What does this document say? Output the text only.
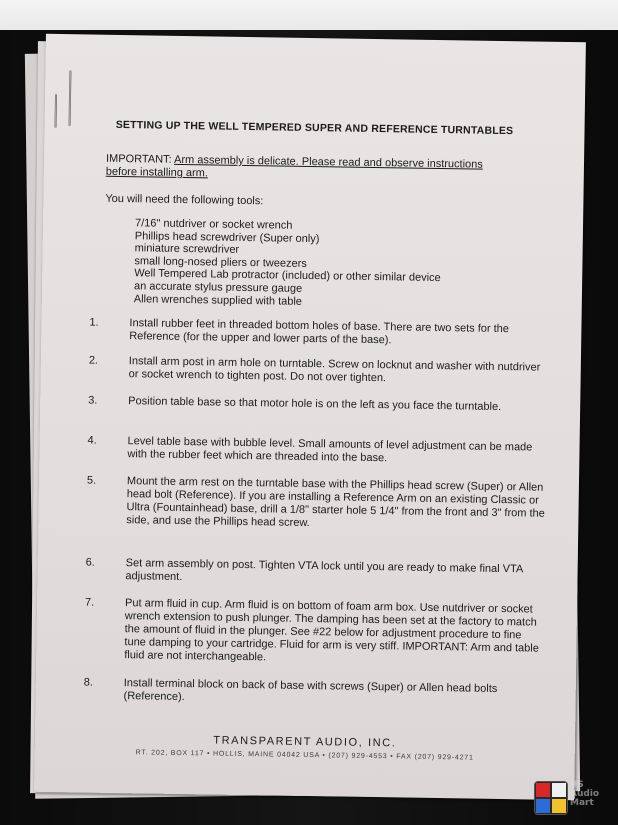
SETTING UP THE WELL TEMPERED SUPER AND REFERENCE TURNTABLES
IMPORTANT: Arm assembly is delicate. Please read and observe instructions
before installing arm.
You will need the following tools:
7/16" nutdriver or socket wrench
Phillips head screwdriver (Super only)
miniature screwdriver
small long-nosed pliers or tweezers
Well Tempered Lab protractor (included) or other similar device
an accurate stylus pressure gauge
Allen wrenches supplied with table
1.	Install rubber feet in threaded bottom holes of base. There are two sets for the Reference (for the upper and lower parts of the base).
2.	Install arm post in arm hole on turntable. Screw on locknut and washer with nutdriver or socket wrench to tighten post. Do not over tighten.
3.	Position table base so that motor hole is on the left as you face the turntable.
4.	Level table base with bubble level. Small amounts of level adjustment can be made with the rubber feet which are threaded into the base.
5.	Mount the arm rest on the turntable base with the Phillips head screw (Super) or Allen head bolt (Reference). If you are installing a Reference Arm on an existing Classic or Ultra (Fountainhead) base, drill a 1/8" starter hole 5 1/4" from the front and 3" from the side, and use the Phillips head screw.
6.	Set arm assembly on post. Tighten VTA lock until you are ready to make final VTA adjustment.
7.	Put arm fluid in cup. Arm fluid is on bottom of foam arm box. Use nutdriver or socket wrench extension to push plunger. The damping has been set at the factory to match the amount of fluid in the plunger. See #22 below for adjustment procedure to fine tune damping to your cartridge. Fluid for arm is very stiff. IMPORTANT: Arm and table fluid are not interchangeable.
8.	Install terminal block on back of base with screws (Super) or Allen head bolts (Reference).
TRANSPARENT AUDIO, INC.
RT. 202, BOX 117 • HOLLIS, MAINE 04042 USA • (207) 929-4553 • FAX (207) 929-4271
US
Audio
Mart
